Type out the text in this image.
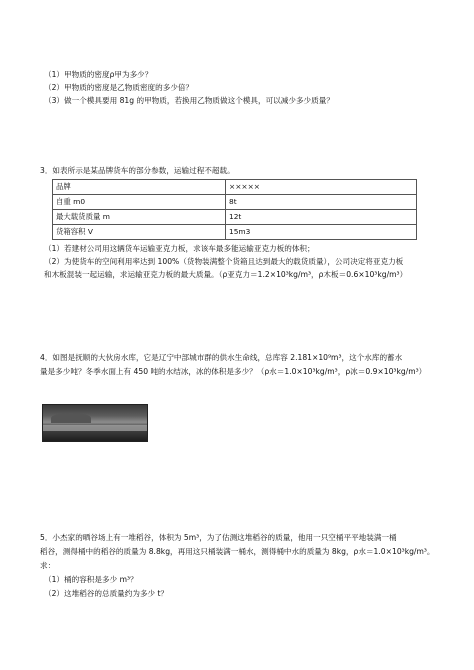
（1）甲物质的密度ρ甲为多少？
（2）甲物质的密度是乙物质密度的多少倍？
（3）做一个模具要用 81g 的甲物质，若换用乙物质做这个模具，可以减少多少质量？
3．如表所示是某品牌货车的部分参数，运输过程不超载。
品牌	×××××
自重 m0	8t
最大载货质量 m	12t
货箱容积 V	15m3
（1）若建材公司用这辆货车运输亚克力板，求该车最多能运输亚克力板的体积；
（2）为使货车的空间利用率达到 100%（货物装满整个货箱且达到最大的载货质量），公司决定将亚克力板
和木板混装一起运输，求运输亚克力板的最大质量。（ρ亚克力＝1.2×10³kg/m³，ρ木板＝0.6×10³kg/m³）
4．如图是抚顺的大伙房水库，它是辽宁中部城市群的供水生命线，总库容 2.181×10⁹m³，这个水库的蓄水
量是多少吨？冬季水面上有 450 吨的水结冰，冰的体积是多少？（ρ水＝1.0×10³kg/m³，ρ冰＝0.9×10³kg/m³）
5．小杰家的晒谷场上有一堆稻谷，体积为 5m³，为了估测这堆稻谷的质量，他用一只空桶平平地装满一桶
稻谷，测得桶中的稻谷的质量为 8.8kg，再用这只桶装满一桶水，测得桶中水的质量为 8kg，ρ水＝1.0×10³kg/m³。
求：
（1）桶的容积是多少 m³？
（2）这堆稻谷的总质量约为多少 t？
